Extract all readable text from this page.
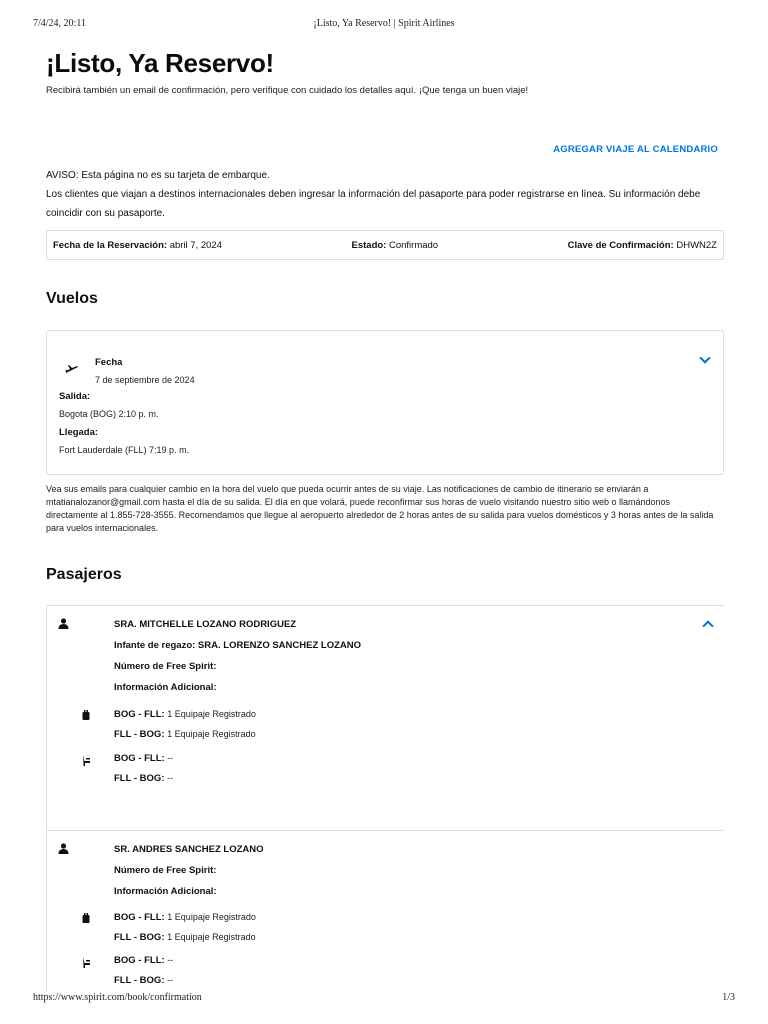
7/4/24, 20:11	¡Listo, Ya Reservo! | Spirit Airlines
¡Listo, Ya Reservo!
Recibirá también un email de confirmación, pero verifique con cuidado los detalles aquí. ¡Que tenga un buen viaje!
AGREGAR VIAJE AL CALENDARIO
AVISO: Esta página no es su tarjeta de embarque.
Los clientes que viajan a destinos internacionales deben ingresar la información del pasaporte para poder registrarse en línea. Su información debe coincidir con su pasaporte.
Fecha de la Reservación: abril 7, 2024	Estado: Confirmado	Clave de Confirmación: DHWN2Z
Vuelos
Fecha
7 de septiembre de 2024
Salida:
Bogota (BOG) 2:10 p. m.
Llegada:
Fort Lauderdale (FLL) 7:19 p. m.
Vea sus emails para cualquier cambio en la hora del vuelo que pueda ocurrir antes de su viaje. Las notificaciones de cambio de itinerario se enviarán a mtatianalozanor@gmail.com hasta el día de su salida. El día en que volará, puede reconfirmar sus horas de vuelo visitando nuestro sitio web o llamándonos directamente al 1.855-728-3555. Recomendamos que llegue al aeropuerto alrededor de 2 horas antes de su salida para vuelos domésticos y 3 horas antes de la salida para vuelos internacionales.
Pasajeros
SRA. MITCHELLE LOZANO RODRIGUEZ
Infante de regazo: SRA. LORENZO SANCHEZ LOZANO
Número de Free Spirit:
Información Adicional:
BOG - FLL: 1 Equipaje Registrado
FLL - BOG: 1 Equipaje Registrado
BOG - FLL: --
FLL - BOG: --
SR. ANDRES SANCHEZ LOZANO
Número de Free Spirit:
Información Adicional:
BOG - FLL: 1 Equipaje Registrado
FLL - BOG: 1 Equipaje Registrado
BOG - FLL: --
FLL - BOG: --
https://www.spirit.com/book/confirmation	1/3
